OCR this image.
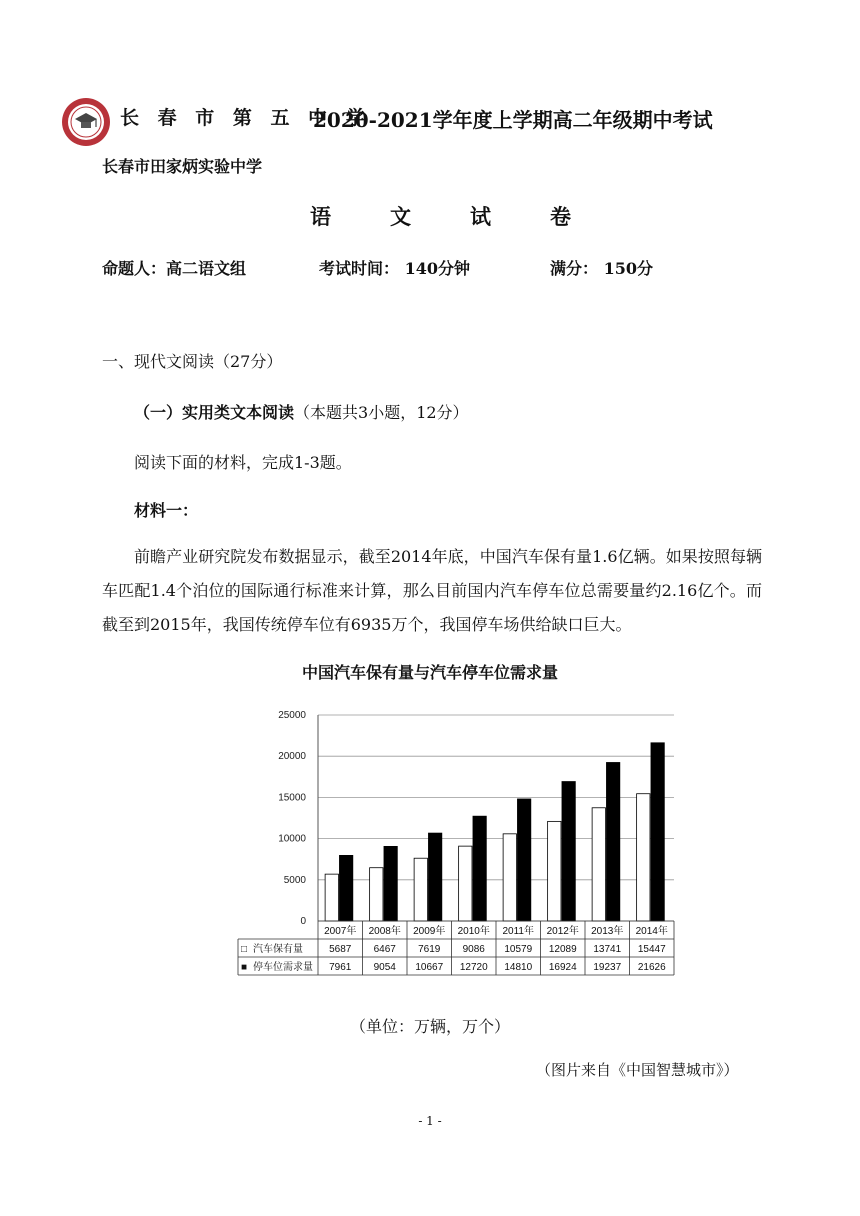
长 春 市 第 五 中 学
2020-2021学年度上学期高二年级期中考试
长春市田家炳实验中学
语	文	试	卷
命题人：高二语文组	考试时间： 140分钟	满分： 150分
一、现代文阅读（27分）
（一）实用类文本阅读（本题共3小题，12分）
阅读下面的材料，完成1-3题。
材料一：

前瞻产业研究院发布数据显示，截至2014年底，中国汽车保有量1.6亿辆。如果按照每辆车匹配1.4个泊位的国际通行标准来计算，那么目前国内汽车停车位总需要量约2.16亿个。而截至到2015年，我国传统停车位有6935万个，我国停车场供给缺口巨大。

中国汽车保有量与汽车停车位需求量
25000
20000
15000
10000
5000
0
2007年 2008年 2009年 2010年 2011年 2012年 2013年 2014年
□ 汽车保有量	5687 6467 7619 9086 10579 12089 13741 15447
■ 停车位需求量 7961 9054 10667 12720 14810 16924 19237 21626
（单位：万辆，万个）
（图片来自《中国智慧城市》）
- 1 -
